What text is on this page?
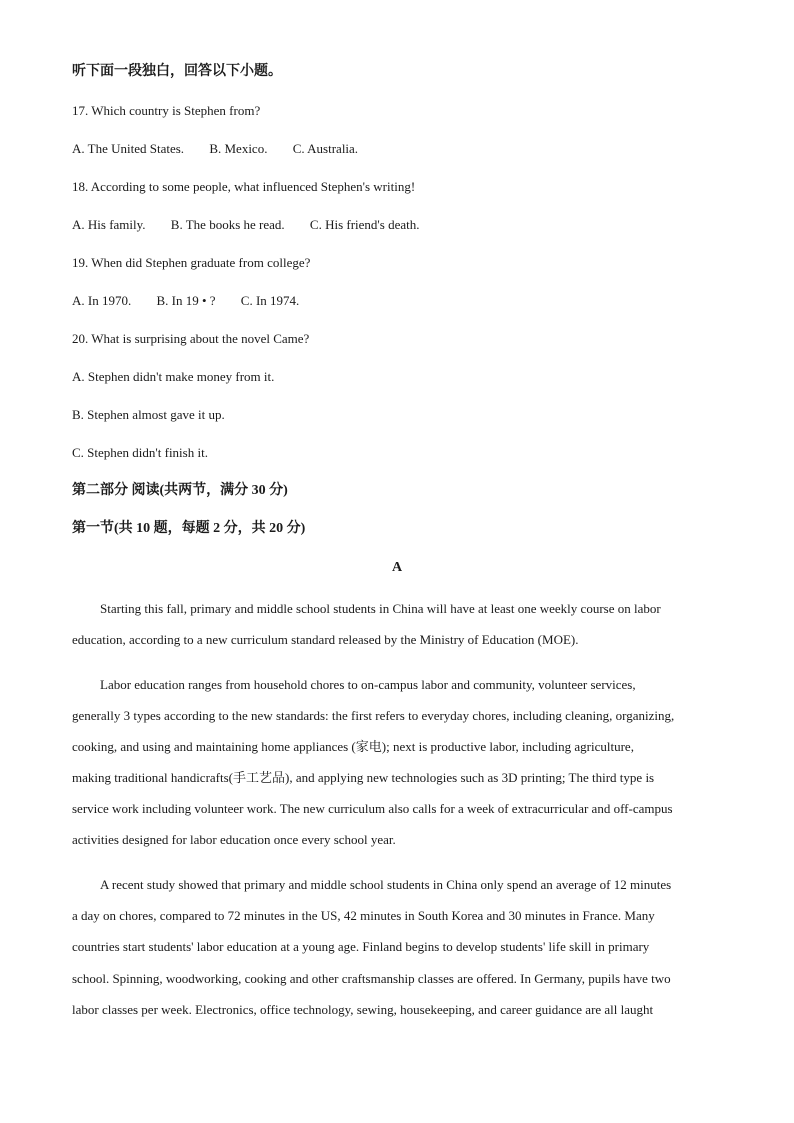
听下面一段独白，回答以下小题。
17. Which country is Stephen from?
A. The United States. B. Mexico. C. Australia.
18. According to some people, what influenced Stephen's writing!
A. His family. B. The books he read. C. His friend's death.
19. When did Stephen graduate from college?
A. In 1970. B. In 19 • ? C. In 1974.
20. What is surprising about the novel Came?
A. Stephen didn't make money from it.
B. Stephen almost gave it up.
C. Stephen didn't finish it.
第二部分 阅读(共两节，满分 30 分)
第一节(共 10 题，每题 2 分，共 20 分)
A
Starting this fall, primary and middle school students in China will have at least one weekly course on labor
education, according to a new curriculum standard released by the Ministry of Education (MOE).
Labor education ranges from household chores to on-campus labor and community, volunteer services,
generally 3 types according to the new standards: the first refers to everyday chores, including cleaning, organizing,
cooking, and using and maintaining home appliances (家电); next is productive labor, including agriculture,
making traditional handicrafts(手工艺品), and applying new technologies such as 3D printing; The third type is
service work including volunteer work. The new curriculum also calls for a week of extracurricular and off-campus
activities designed for labor education once every school year.
A recent study showed that primary and middle school students in China only spend an average of 12 minutes
a day on chores, compared to 72 minutes in the US, 42 minutes in South Korea and 30 minutes in France. Many
countries start students' labor education at a young age. Finland begins to develop students' life skill in primary
school. Spinning, woodworking, cooking and other craftsmanship classes are offered. In Germany, pupils have two
labor classes per week. Electronics, office technology, sewing, housekeeping, and career guidance are all laught
